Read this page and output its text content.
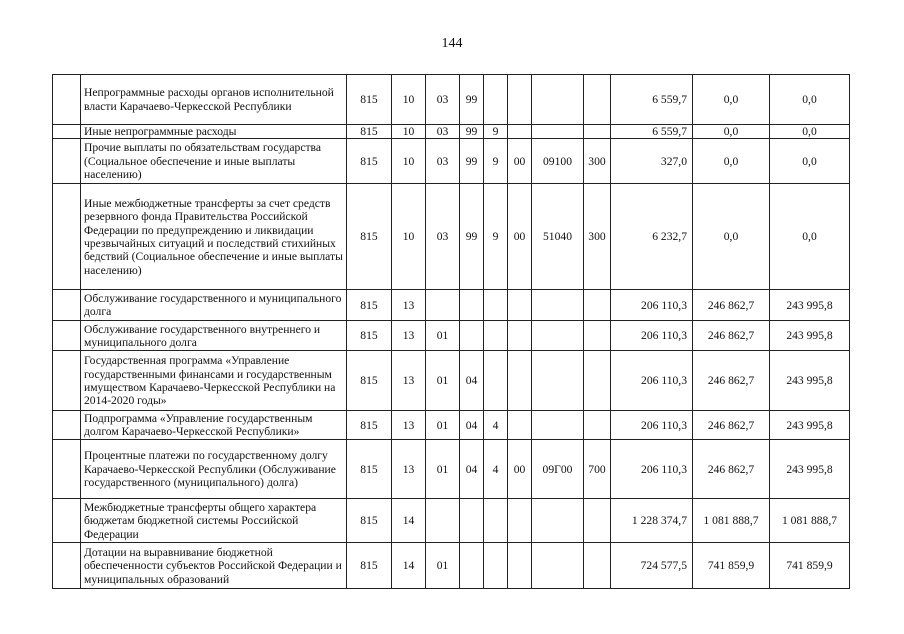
144
	Непрограммные расходы органов исполнительной власти Карачаево-Черкесской Республики	815	10	03	99					6 559,7	0,0	0,0
	Иные непрограммные расходы	815	10	03	99	9				6 559,7	0,0	0,0
	Прочие выплаты по обязательствам государства (Социальное обеспечение и иные выплаты населению)	815	10	03	99	9	00	09100	300	327,0	0,0	0,0
	Иные межбюджетные трансферты за счет средств резервного фонда Правительства Российской Федерации по предупреждению и ликвидации чрезвычайных ситуаций и последствий стихийных бедствий (Социальное обеспечение и иные выплаты населению)	815	10	03	99	9	00	51040	300	6 232,7	0,0	0,0
	Обслуживание государственного и муниципального долга	815	13							206 110,3	246 862,7	243 995,8
	Обслуживание государственного внутреннего и муниципального долга	815	13	01						206 110,3	246 862,7	243 995,8
	Государственная программа «Управление государственными финансами и государственным имуществом Карачаево-Черкесской Республики на 2014-2020 годы»	815	13	01	04					206 110,3	246 862,7	243 995,8
	Подпрограмма «Управление государственным долгом Карачаево-Черкесской Республики»	815	13	01	04	4				206 110,3	246 862,7	243 995,8
	Процентные платежи по государственному долгу Карачаево-Черкесской Республики (Обслуживание государственного (муниципального) долга)	815	13	01	04	4	00	09Г00	700	206 110,3	246 862,7	243 995,8
	Межбюджетные трансферты общего характера бюджетам бюджетной системы Российской Федерации	815	14							1 228 374,7	1 081 888,7	1 081 888,7
	Дотации на выравнивание бюджетной обеспеченности субъектов Российской Федерации и муниципальных образований	815	14	01						724 577,5	741 859,9	741 859,9
